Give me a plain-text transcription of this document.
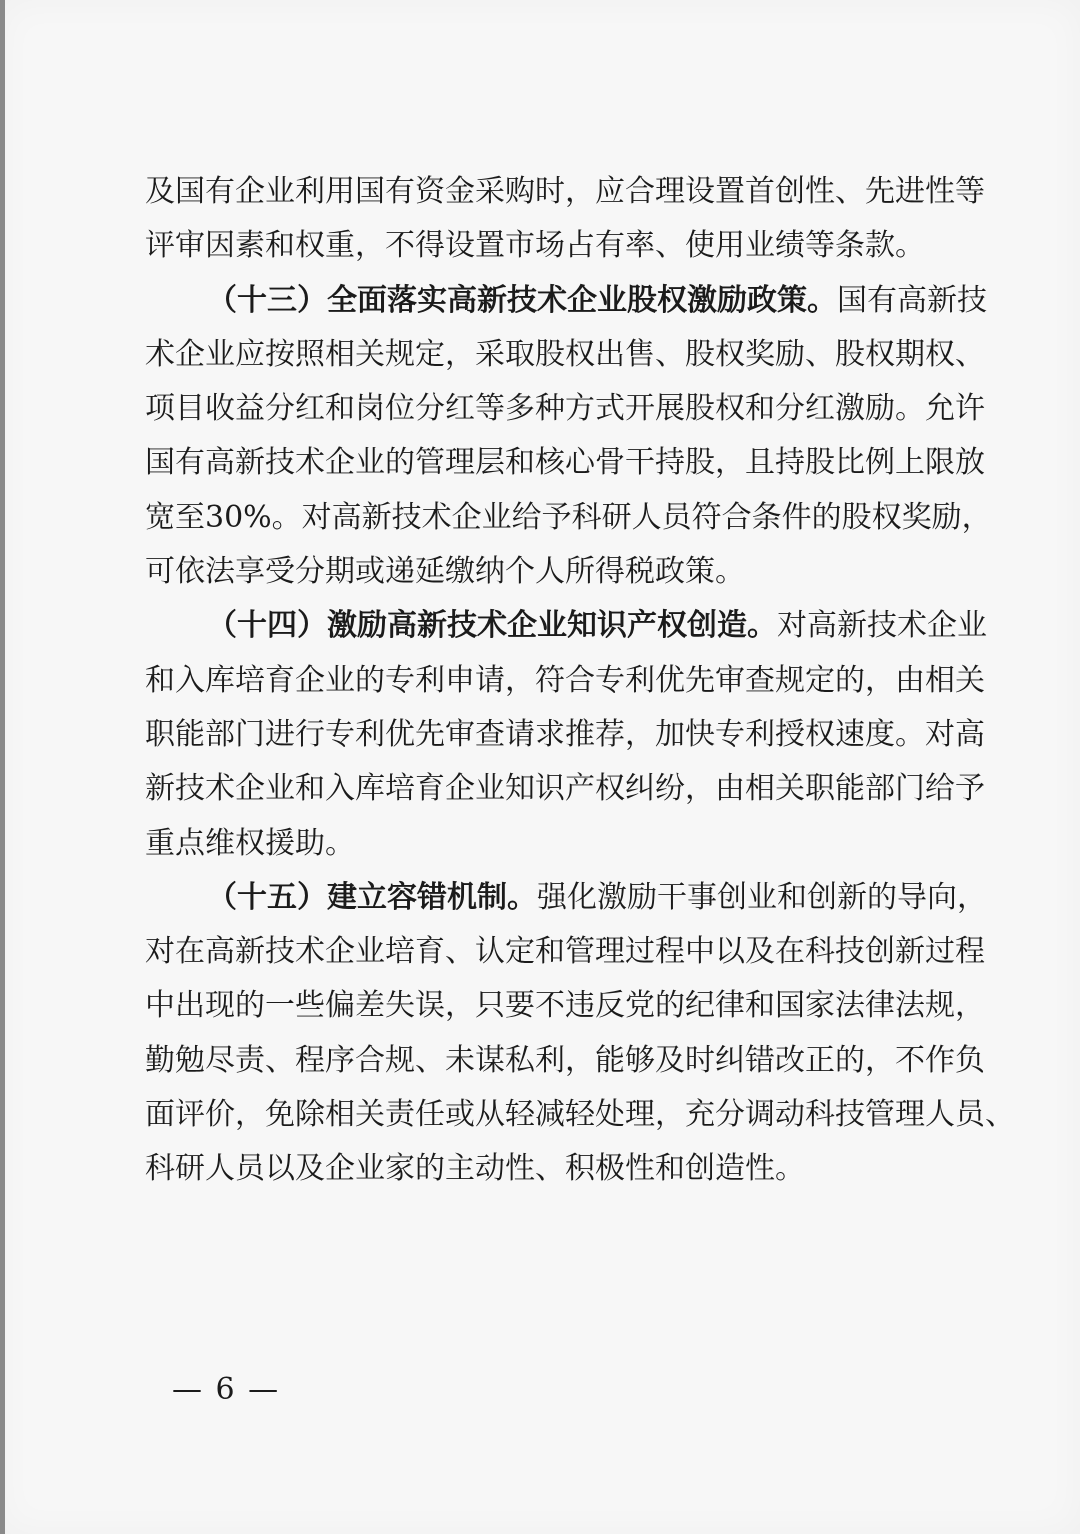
及国有企业利用国有资金采购时，应合理设置首创性、先进性等
评审因素和权重，不得设置市场占有率、使用业绩等条款。
（十三）全面落实高新技术企业股权激励政策。国有高新技
术企业应按照相关规定，采取股权出售、股权奖励、股权期权、
项目收益分红和岗位分红等多种方式开展股权和分红激励。允许
国有高新技术企业的管理层和核心骨干持股，且持股比例上限放
宽至30%。对高新技术企业给予科研人员符合条件的股权奖励，
可依法享受分期或递延缴纳个人所得税政策。
（十四）激励高新技术企业知识产权创造。对高新技术企业
和入库培育企业的专利申请，符合专利优先审查规定的，由相关
职能部门进行专利优先审查请求推荐，加快专利授权速度。对高
新技术企业和入库培育企业知识产权纠纷，由相关职能部门给予
重点维权援助。
（十五）建立容错机制。强化激励干事创业和创新的导向，
对在高新技术企业培育、认定和管理过程中以及在科技创新过程
中出现的一些偏差失误，只要不违反党的纪律和国家法律法规，
勤勉尽责、程序合规、未谋私利，能够及时纠错改正的，不作负
面评价，免除相关责任或从轻减轻处理，充分调动科技管理人员、
科研人员以及企业家的主动性、积极性和创造性。
— 6 —
